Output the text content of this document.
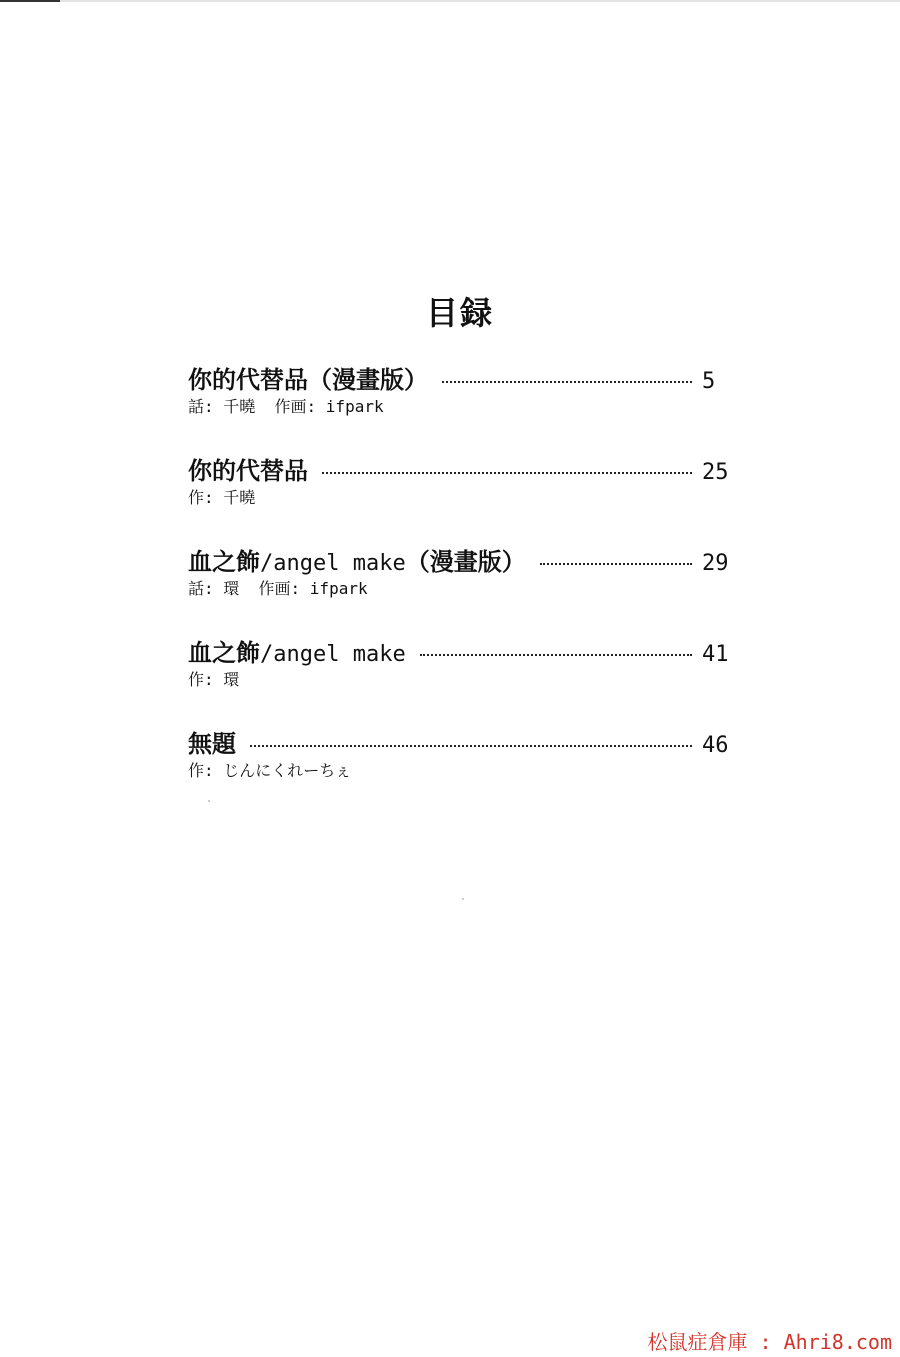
目録
你的代替品（漫畫版）	5
話: 千曉  作画: ifpark
你的代替品	25
作: 千曉
血之飾/angel make（漫畫版）	29
話: 環  作画: ifpark
血之飾/angel make	41
作: 環
無題	46
作: じんにくれーちぇ
松鼠症倉庫 : Ahri8.com
